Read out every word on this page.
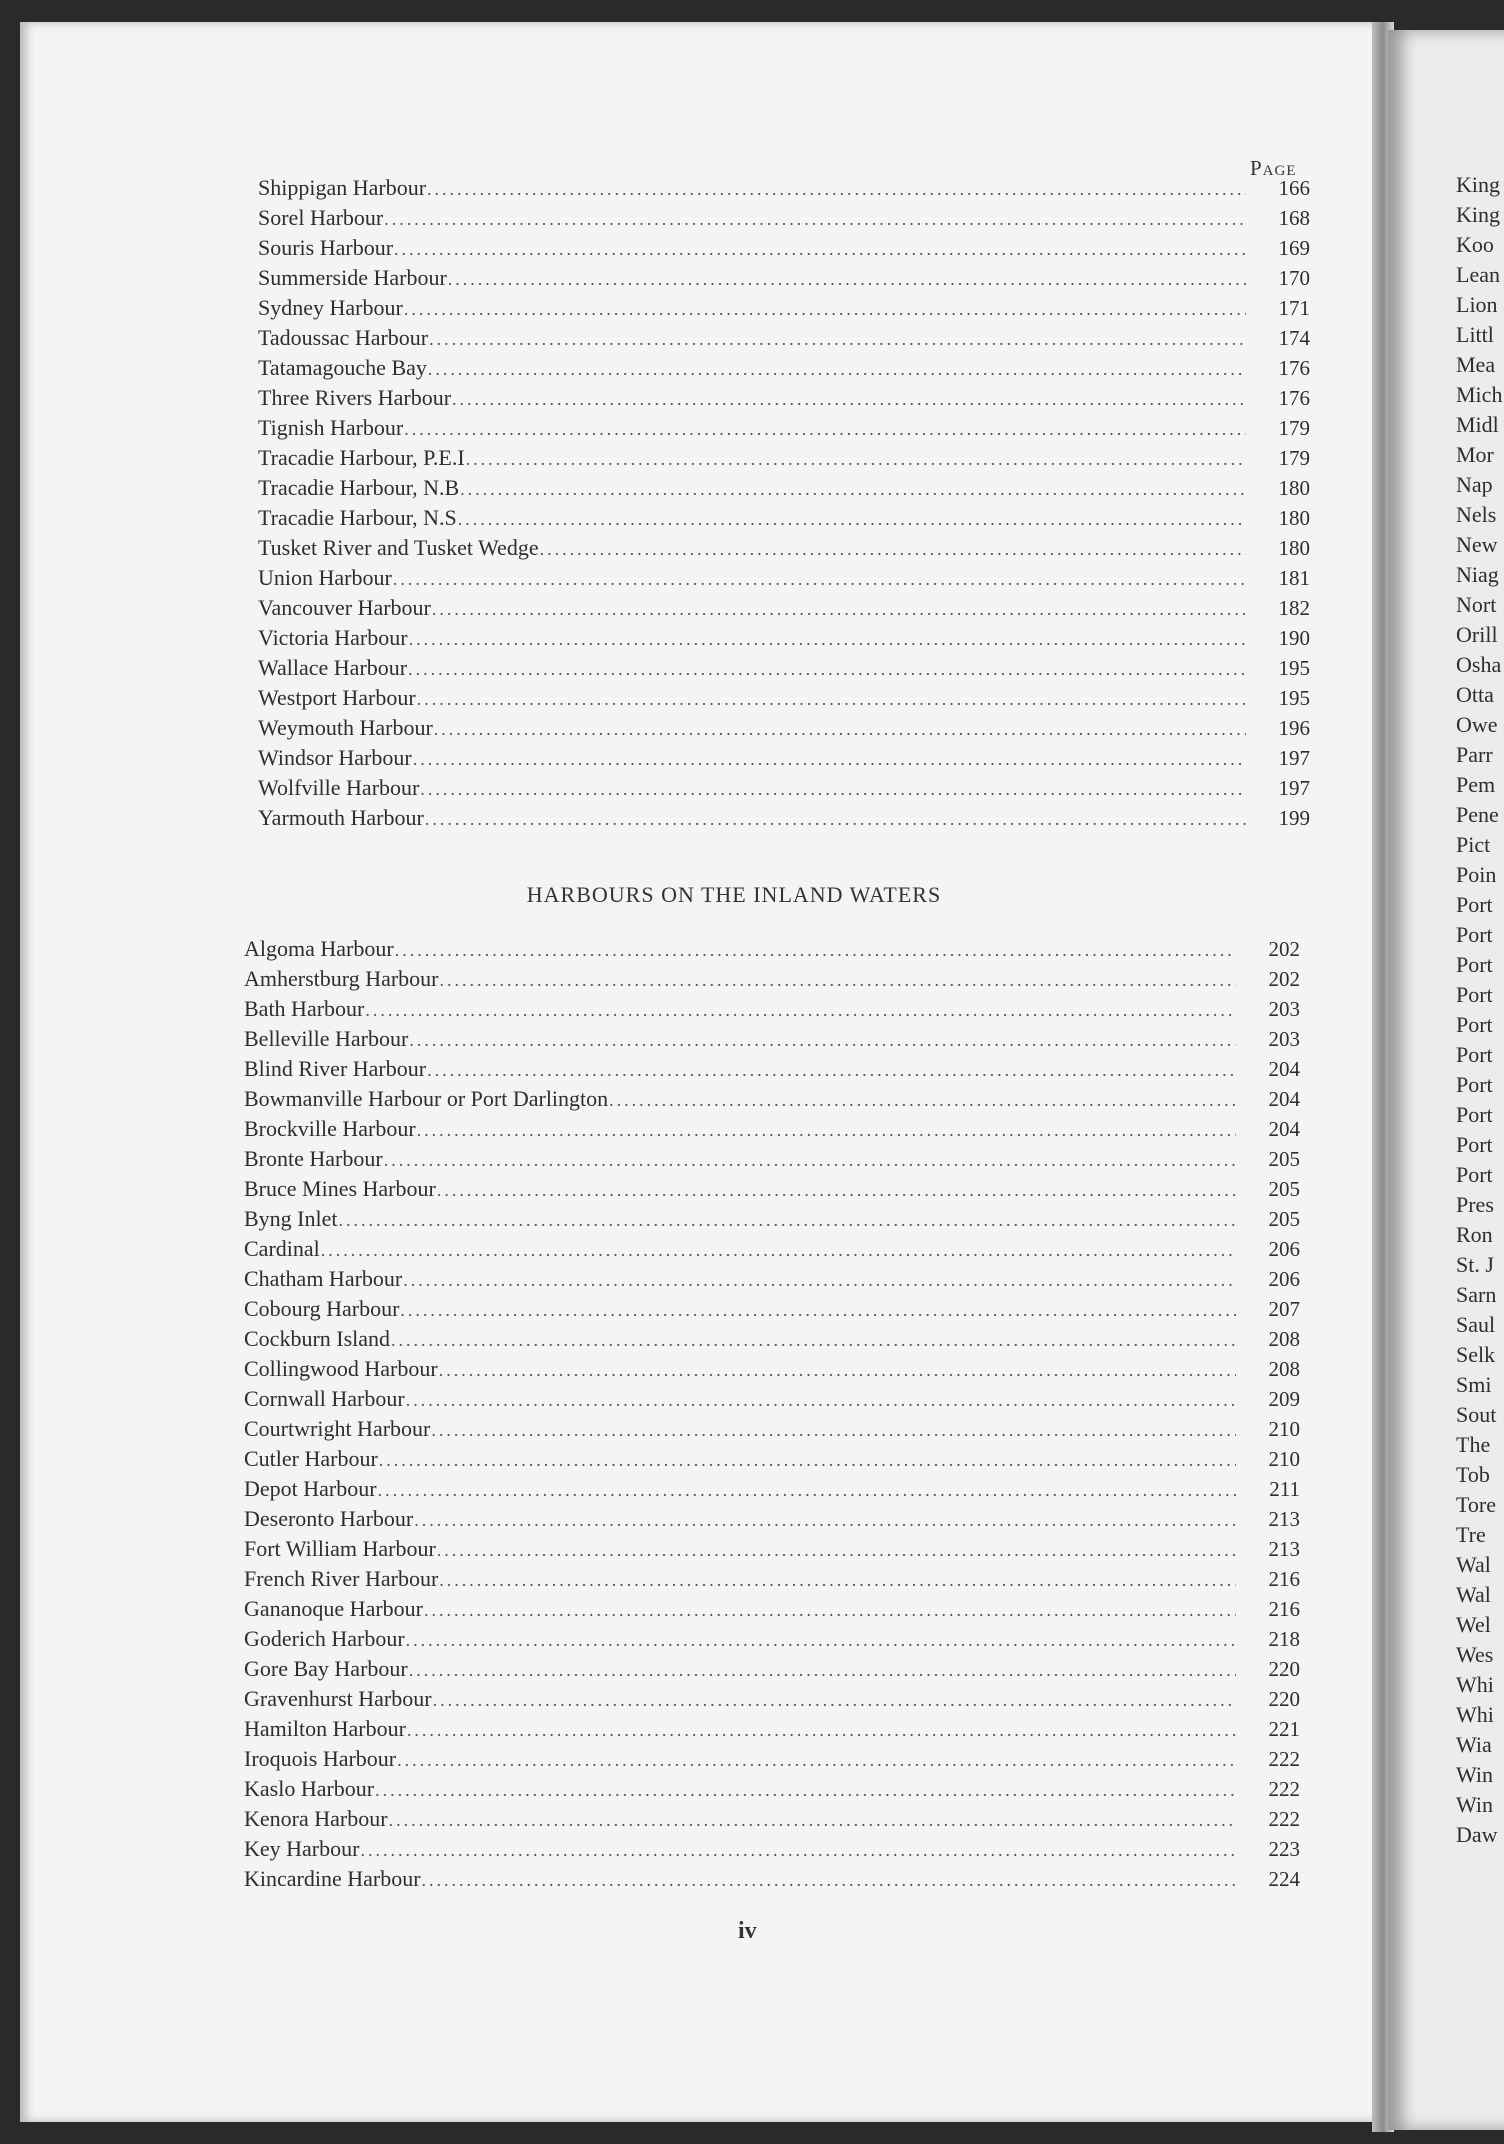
Page
Shippigan Harbour .....	166
Sorel Harbour .....	168
Souris Harbour .....	169
Summerside Harbour .....	170
Sydney Harbour .....	171
Tadoussac Harbour .....	174
Tatamagouche Bay .....	176
Three Rivers Harbour .....	176
Tignish Harbour .....	179
Tracadie Harbour, P.E.I .....	179
Tracadie Harbour, N.B .....	180
Tracadie Harbour, N.S .....	180
Tusket River and Tusket Wedge .....	180
Union Harbour .....	181
Vancouver Harbour .....	182
Victoria Harbour .....	190
Wallace Harbour .....	195
Westport Harbour .....	195
Weymouth Harbour .....	196
Windsor Harbour .....	197
Wolfville Harbour .....	197
Yarmouth Harbour .....	199
HARBOURS ON THE INLAND WATERS
Algoma Harbour .....	202
Amherstburg Harbour .....	202
Bath Harbour .....	203
Belleville Harbour .....	203
Blind River Harbour .....	204
Bowmanville Harbour or Port Darlington .....	204
Brockville Harbour .....	204
Bronte Harbour .....	205
Bruce Mines Harbour .....	205
Byng Inlet .....	205
Cardinal .....	206
Chatham Harbour .....	206
Cobourg Harbour .....	207
Cockburn Island .....	208
Collingwood Harbour .....	208
Cornwall Harbour .....	209
Courtwright Harbour .....	210
Cutler Harbour .....	210
Depot Harbour .....	211
Deseronto Harbour .....	213
Fort William Harbour .....	213
French River Harbour .....	216
Gananoque Harbour .....	216
Goderich Harbour .....	218
Gore Bay Harbour .....	220
Gravenhurst Harbour .....	220
Hamilton Harbour .....	221
Iroquois Harbour .....	222
Kaslo Harbour .....	222
Kenora Harbour .....	222
Key Harbour .....	223
Kincardine Harbour .....	224
iv
King
King
Koo
Lean
Lion
Littl
Mea
Mich
Midl
Mor
Nap
Nels
New
Niag
Nort
Orill
Osha
Otta
Owe
Parr
Pem
Pene
Pict
Poin
Port
Port
Port
Port
Port
Port
Port
Port
Port
Port
Pres
Ron
St. J
Sarn
Saul
Selk
Smi
Sout
The
Tob
Tore
Tre
Wal
Wal
Wel
Wes
Whi
Whi
Wia
Win
Win
Daw
